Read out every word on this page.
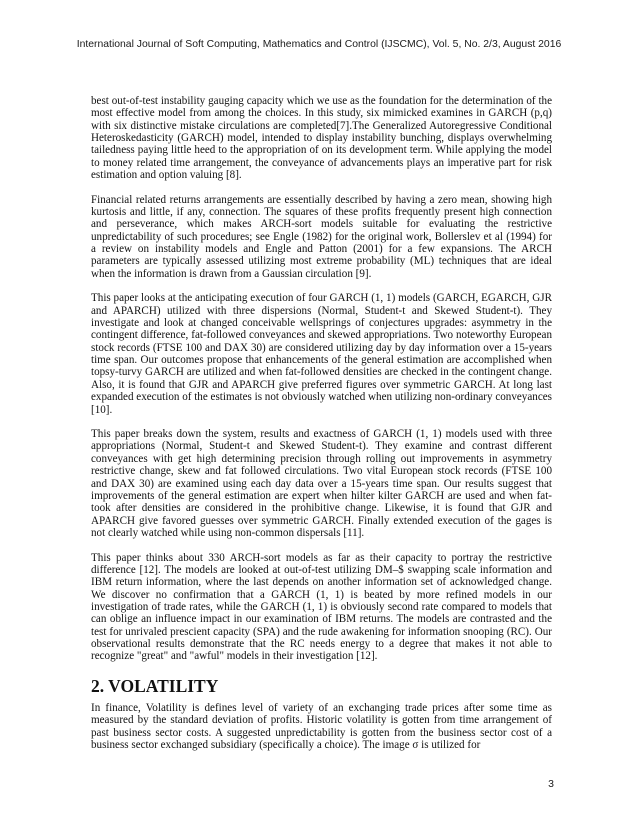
International Journal of Soft Computing, Mathematics and Control (IJSCMC), Vol. 5, No. 2/3, August 2016

best out-of-test instability gauging capacity which we use as the foundation for the determination of the most effective model from among the choices. In this study, six mimicked examines in GARCH (p,q) with six distinctive mistake circulations are completed[7].The Generalized Autoregressive Conditional Heteroskedasticity (GARCH) model, intended to display instability bunching, displays overwhelming tailedness paying little heed to the appropriation of on its development term. While applying the model to money related time arrangement, the conveyance of advancements plays an imperative part for risk estimation and option valuing [8].

Financial related returns arrangements are essentially described by having a zero mean, showing high kurtosis and little, if any, connection. The squares of these profits frequently present high connection and perseverance, which makes ARCH-sort models suitable for evaluating the restrictive unpredictability of such procedures; see Engle (1982) for the original work, Bollerslev et al (1994) for a review on instability models and Engle and Patton (2001) for a few expansions. The ARCH parameters are typically assessed utilizing most extreme probability (ML) techniques that are ideal when the information is drawn from a Gaussian circulation [9].

This paper looks at the anticipating execution of four GARCH (1, 1) models (GARCH, EGARCH, GJR and APARCH) utilized with three dispersions (Normal, Student-t and Skewed Student-t). They investigate and look at changed conceivable wellsprings of conjectures upgrades: asymmetry in the contingent difference, fat-followed conveyances and skewed appropriations. Two noteworthy European stock records (FTSE 100 and DAX 30) are considered utilizing day by day information over a 15-years time span. Our outcomes propose that enhancements of the general estimation are accomplished when topsy-turvy GARCH are utilized and when fat-followed densities are checked in the contingent change. Also, it is found that GJR and APARCH give preferred figures over symmetric GARCH. At long last expanded execution of the estimates is not obviously watched when utilizing non-ordinary conveyances [10].

This paper breaks down the system, results and exactness of GARCH (1, 1) models used with three appropriations (Normal, Student-t and Skewed Student-t). They examine and contrast different conveyances with get high determining precision through rolling out improvements in asymmetry restrictive change, skew and fat followed circulations. Two vital European stock records (FTSE 100 and DAX 30) are examined using each day data over a 15-years time span. Our results suggest that improvements of the general estimation are expert when hilter kilter GARCH are used and when fat-took after densities are considered in the prohibitive change. Likewise, it is found that GJR and APARCH give favored guesses over symmetric GARCH. Finally extended execution of the gages is not clearly watched while using non-common dispersals [11].

This paper thinks about 330 ARCH-sort models as far as their capacity to portray the restrictive difference [12]. The models are looked at out-of-test utilizing DM–$ swapping scale information and IBM return information, where the last depends on another information set of acknowledged change. We discover no confirmation that a GARCH (1, 1) is beated by more refined models in our investigation of trade rates, while the GARCH (1, 1) is obviously second rate compared to models that can oblige an influence impact in our examination of IBM returns. The models are contrasted and the test for unrivaled prescient capacity (SPA) and the rude awakening for information snooping (RC). Our observational results demonstrate that the RC needs energy to a degree that makes it not able to recognize "great" and "awful" models in their investigation [12].

2. VOLATILITY

In finance, Volatility is defines level of variety of an exchanging trade prices after some time as measured by the standard deviation of profits. Historic volatility is gotten from time arrangement of past business sector costs. A suggested unpredictability is gotten from the business sector cost of a business sector exchanged subsidiary (specifically a choice). The image σ is utilized for

3
